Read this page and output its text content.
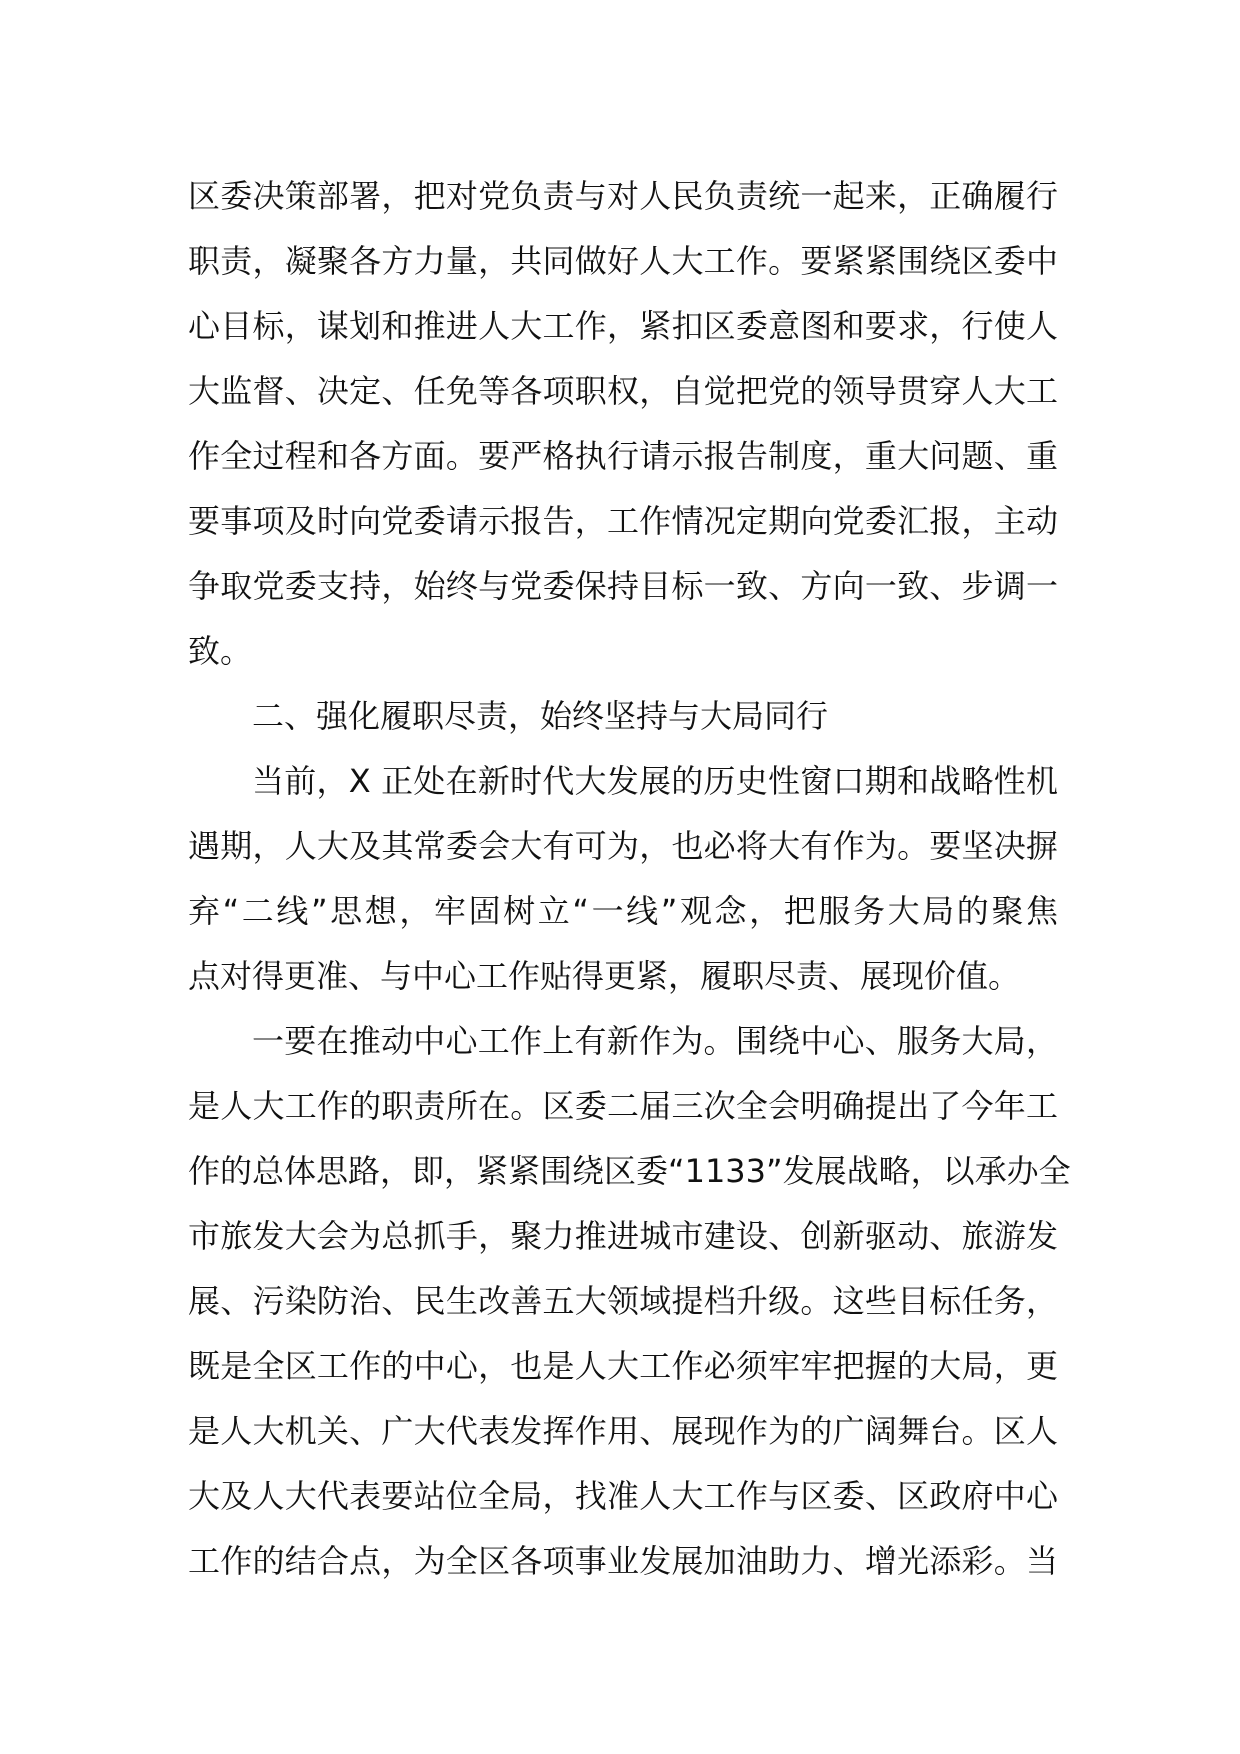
区委决策部署，把对党负责与对人民负责统一起来，正确履行
职责，凝聚各方力量，共同做好人大工作。要紧紧围绕区委中
心目标，谋划和推进人大工作，紧扣区委意图和要求，行使人
大监督、决定、任免等各项职权，自觉把党的领导贯穿人大工
作全过程和各方面。要严格执行请示报告制度，重大问题、重
要事项及时向党委请示报告，工作情况定期向党委汇报，主动
争取党委支持，始终与党委保持目标一致、方向一致、步调一
致。
二、强化履职尽责，始终坚持与大局同行
当前，X 正处在新时代大发展的历史性窗口期和战略性机
遇期，人大及其常委会大有可为，也必将大有作为。要坚决摒
弃“二线”思想，牢固树立“一线”观念，把服务大局的聚焦
点对得更准、与中心工作贴得更紧，履职尽责、展现价值。
一要在推动中心工作上有新作为。围绕中心、服务大局，
是人大工作的职责所在。区委二届三次全会明确提出了今年工
作的总体思路，即，紧紧围绕区委“1133”发展战略，以承办全
市旅发大会为总抓手，聚力推进城市建设、创新驱动、旅游发
展、污染防治、民生改善五大领域提档升级。这些目标任务，
既是全区工作的中心，也是人大工作必须牢牢把握的大局，更
是人大机关、广大代表发挥作用、展现作为的广阔舞台。区人
大及人大代表要站位全局，找准人大工作与区委、区政府中心
工作的结合点，为全区各项事业发展加油助力、增光添彩。当
